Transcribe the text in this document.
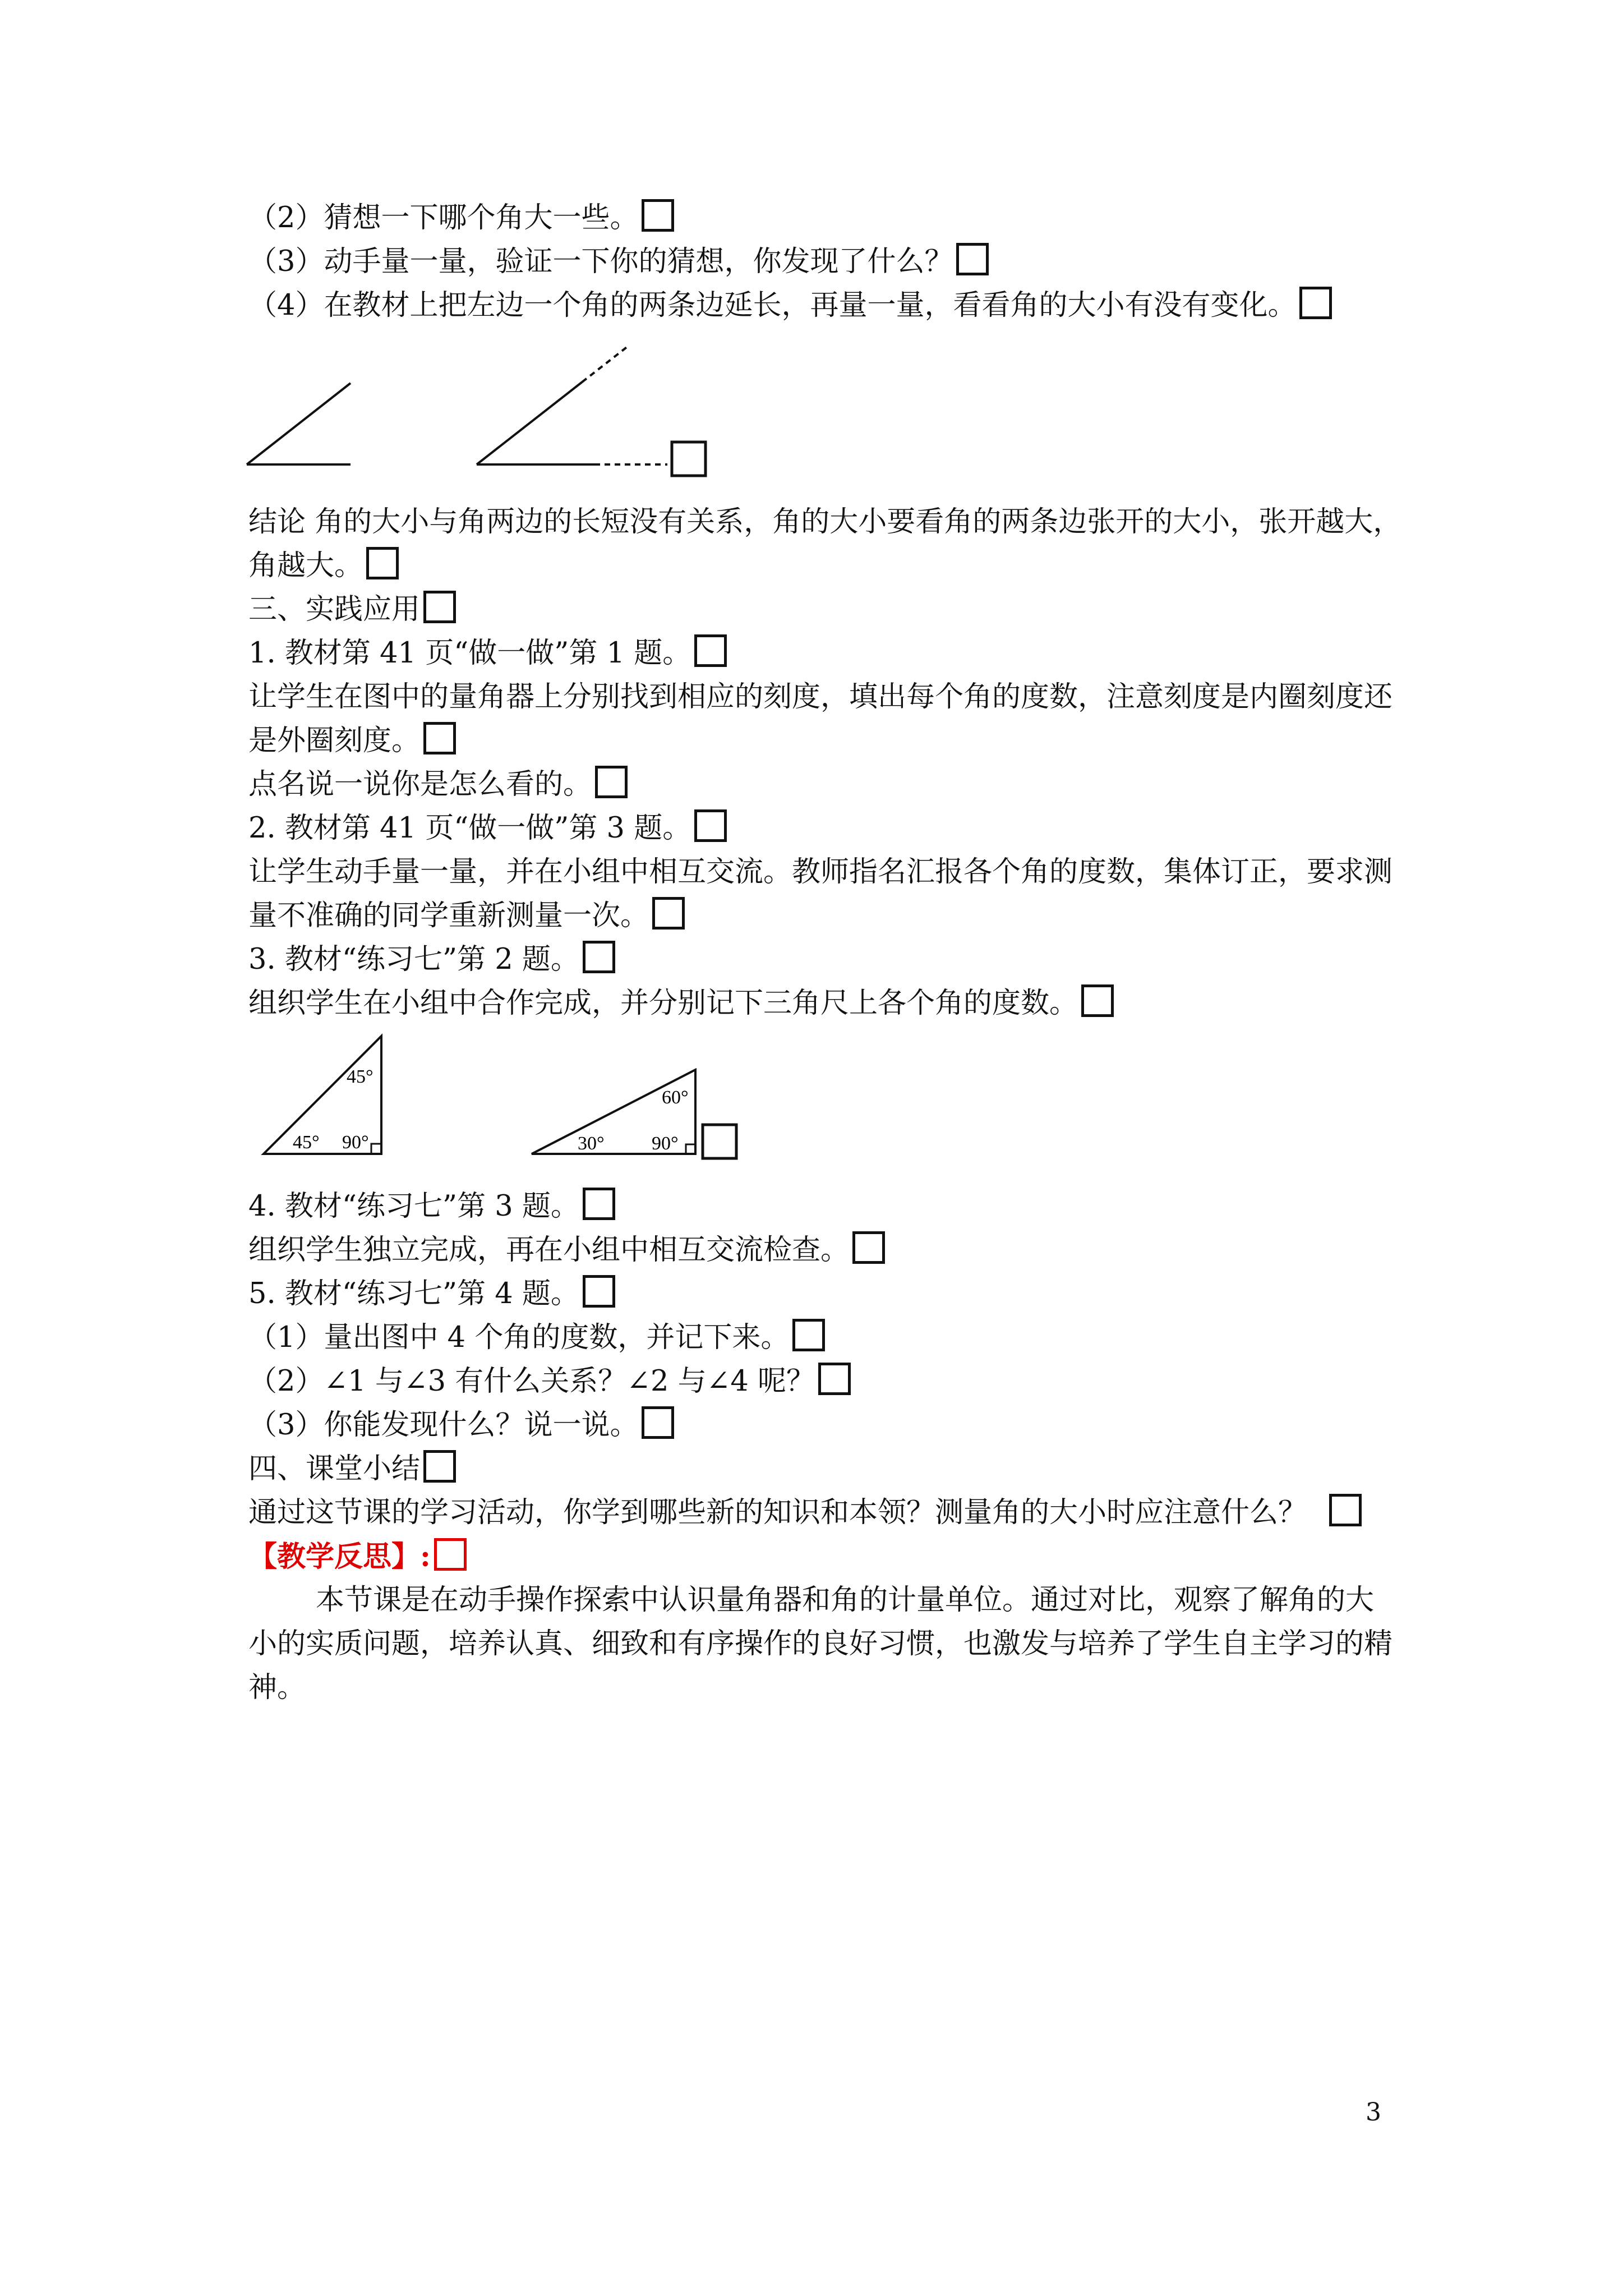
（2）猜想一下哪个角大一些。
（3）动手量一量，验证一下你的猜想，你发现了什么？
（4）在教材上把左边一个角的两条边延长，再量一量，看看角的大小有没有变化。
结论 角的大小与角两边的长短没有关系，角的大小要看角的两条边张开的大小，张开越大，
角越大。
三、实践应用
1. 教材第 41 页“做一做”第 1 题。
让学生在图中的量角器上分别找到相应的刻度，填出每个角的度数，注意刻度是内圈刻度还
是外圈刻度。
点名说一说你是怎么看的。
2. 教材第 41 页“做一做”第 3 题。
让学生动手量一量，并在小组中相互交流。教师指名汇报各个角的度数，集体订正，要求测
量不准确的同学重新测量一次。
3. 教材“练习七”第 2 题。
组织学生在小组中合作完成，并分别记下三角尺上各个角的度数。
45°
45° 90°
60°
30° 90°
4. 教材“练习七”第 3 题。
组织学生独立完成，再在小组中相互交流检查。
5. 教材“练习七”第 4 题。
（1）量出图中 4 个角的度数，并记下来。
（2）∠1 与∠3 有什么关系？∠2 与∠4 呢？
（3）你能发现什么？说一说。
四、课堂小结
通过这节课的学习活动，你学到哪些新的知识和本领？测量角的大小时应注意什么？
【教学反思】:
本节课是在动手操作探索中认识量角器和角的计量单位。通过对比，观察了解角的大
小的实质问题，培养认真、细致和有序操作的良好习惯，也激发与培养了学生自主学习的精
神。
3
